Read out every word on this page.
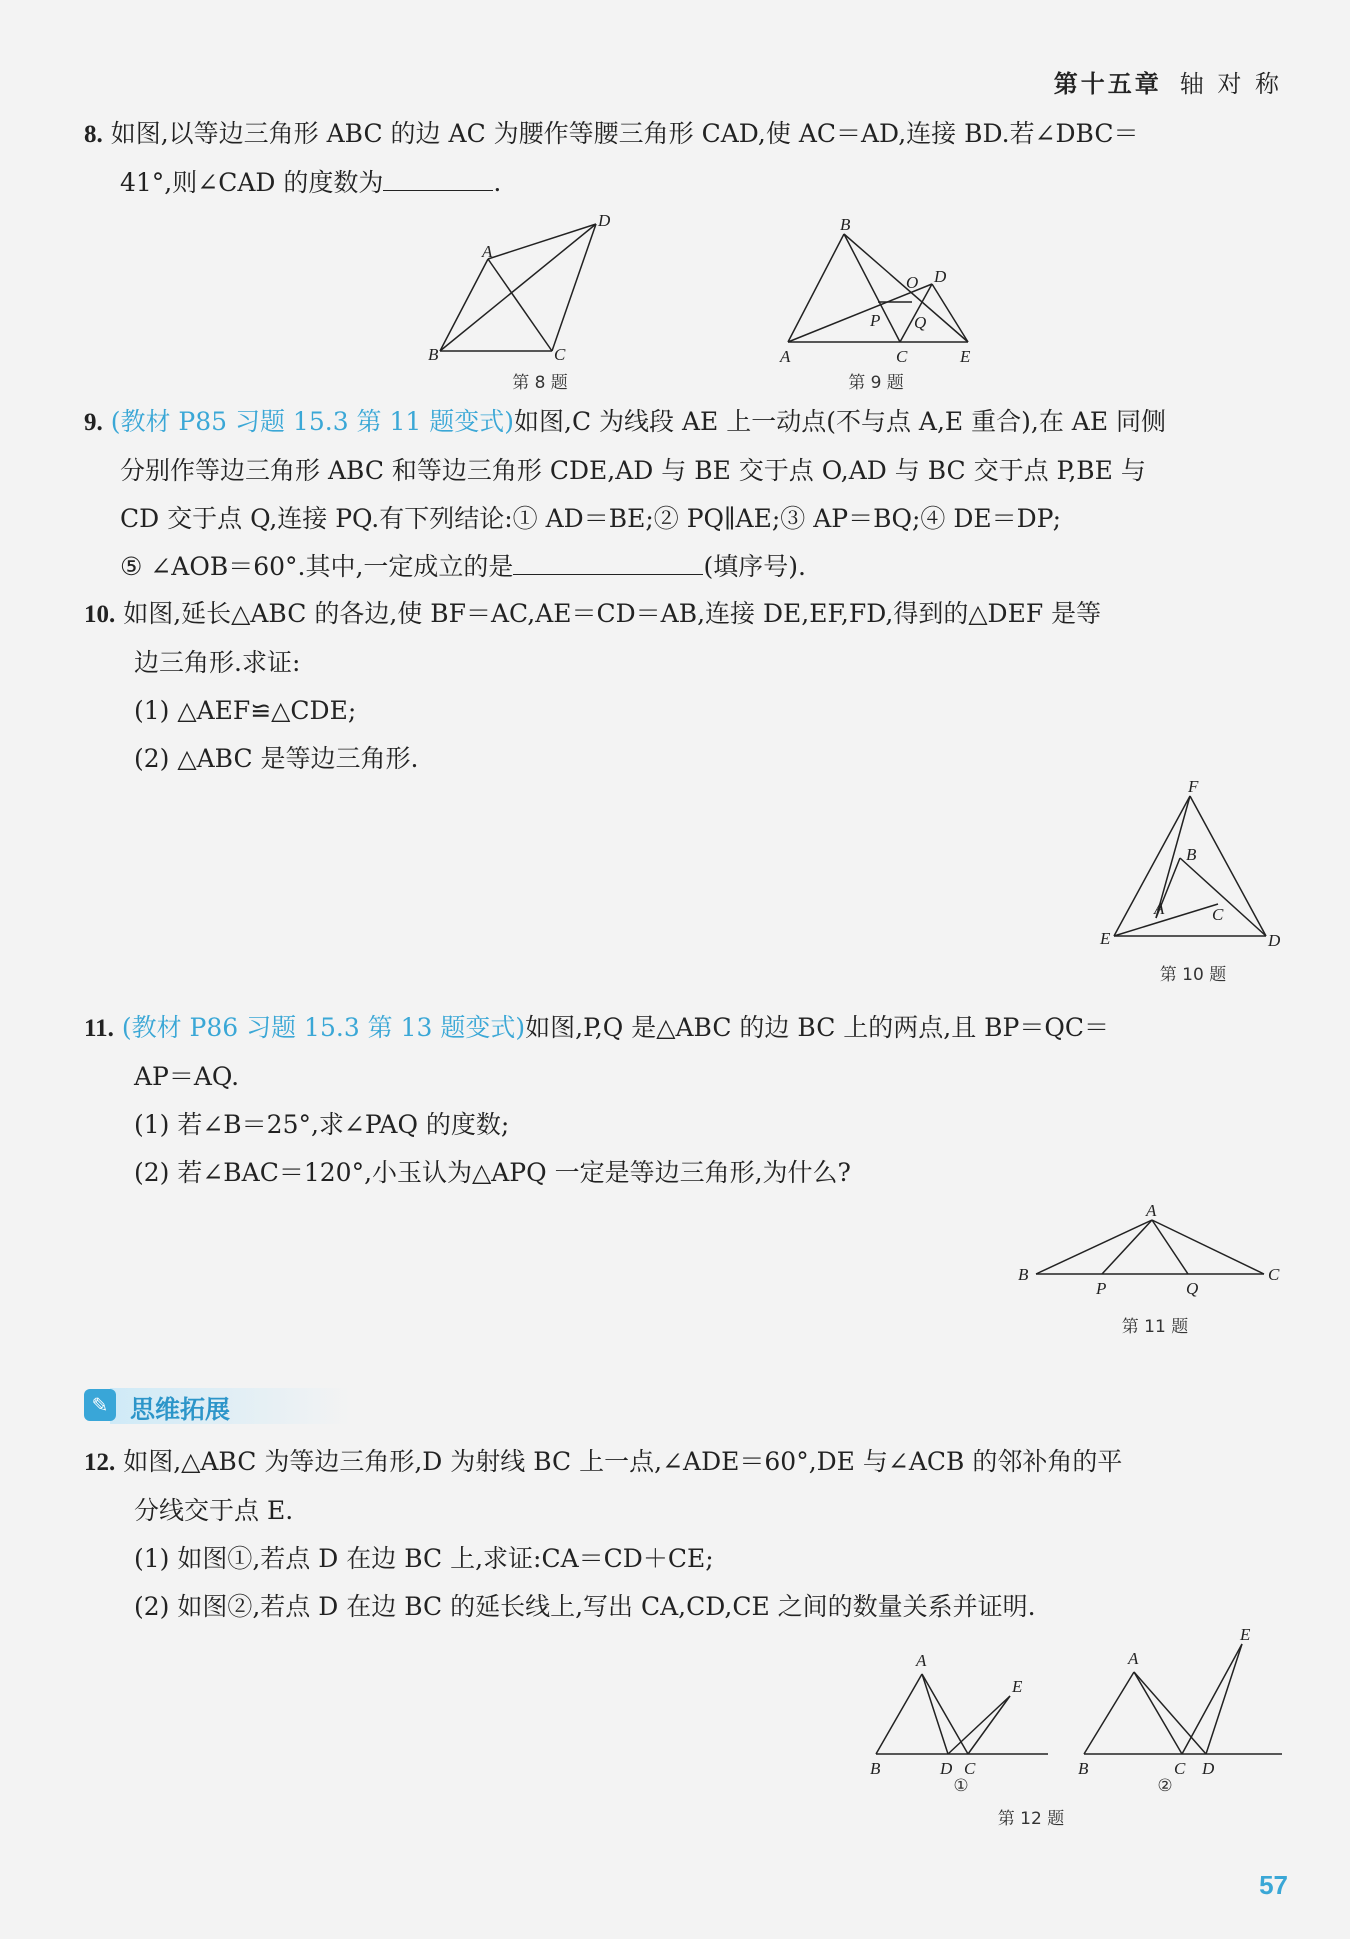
第十五章 轴 对 称

8. 如图,以等边三角形 ABC 的边 AC 为腰作等腰三角形 CAD,使 AC＝AD,连接 BD.若∠DBC＝

41°,则∠CAD 的度数为	.

A
B	C
D
第 8 题
B
O D
P Q
A	C	E
第 9 题

9. (教材 P85 习题 15.3 第 11 题变式)如图,C 为线段 AE 上一动点(不与点 A,E 重合),在 AE 同侧

分别作等边三角形 ABC 和等边三角形 CDE,AD 与 BE 交于点 O,AD 与 BC 交于点 P,BE 与

CD 交于点 Q,连接 PQ.有下列结论:① AD＝BE;② PQ∥AE;③ AP＝BQ;④ DE＝DP;

⑤ ∠AOB＝60°.其中,一定成立的是	(填序号).

10. 如图,延长△ABC 的各边,使 BF＝AC,AE＝CD＝AB,连接 DE,EF,FD,得到的△DEF 是等

边三角形.求证:

(1) △AEF≌△CDE;

(2) △ABC 是等边三角形.

F
B
A	C
E	D
第 10 题

11. (教材 P86 习题 15.3 第 13 题变式)如图,P,Q 是△ABC 的边 BC 上的两点,且 BP＝QC＝

AP＝AQ.

(1) 若∠B＝25°,求∠PAQ 的度数;

(2) 若∠BAC＝120°,小玉认为△APQ 一定是等边三角形,为什么?

A
B
P	Q
C
第 11 题
✎ 思维拓展

12. 如图,△ABC 为等边三角形,D 为射线 BC 上一点,∠ADE＝60°,DE 与∠ACB 的邻补角的平

分线交于点 E.

(1) 如图①,若点 D 在边 BC 上,求证:CA＝CD＋CE;

(2) 如图②,若点 D 在边 BC 的延长线上,写出 CA,CD,CE 之间的数量关系并证明.

A
E
B	D C
A
E
B	C D
①	②
第 12 题
57
